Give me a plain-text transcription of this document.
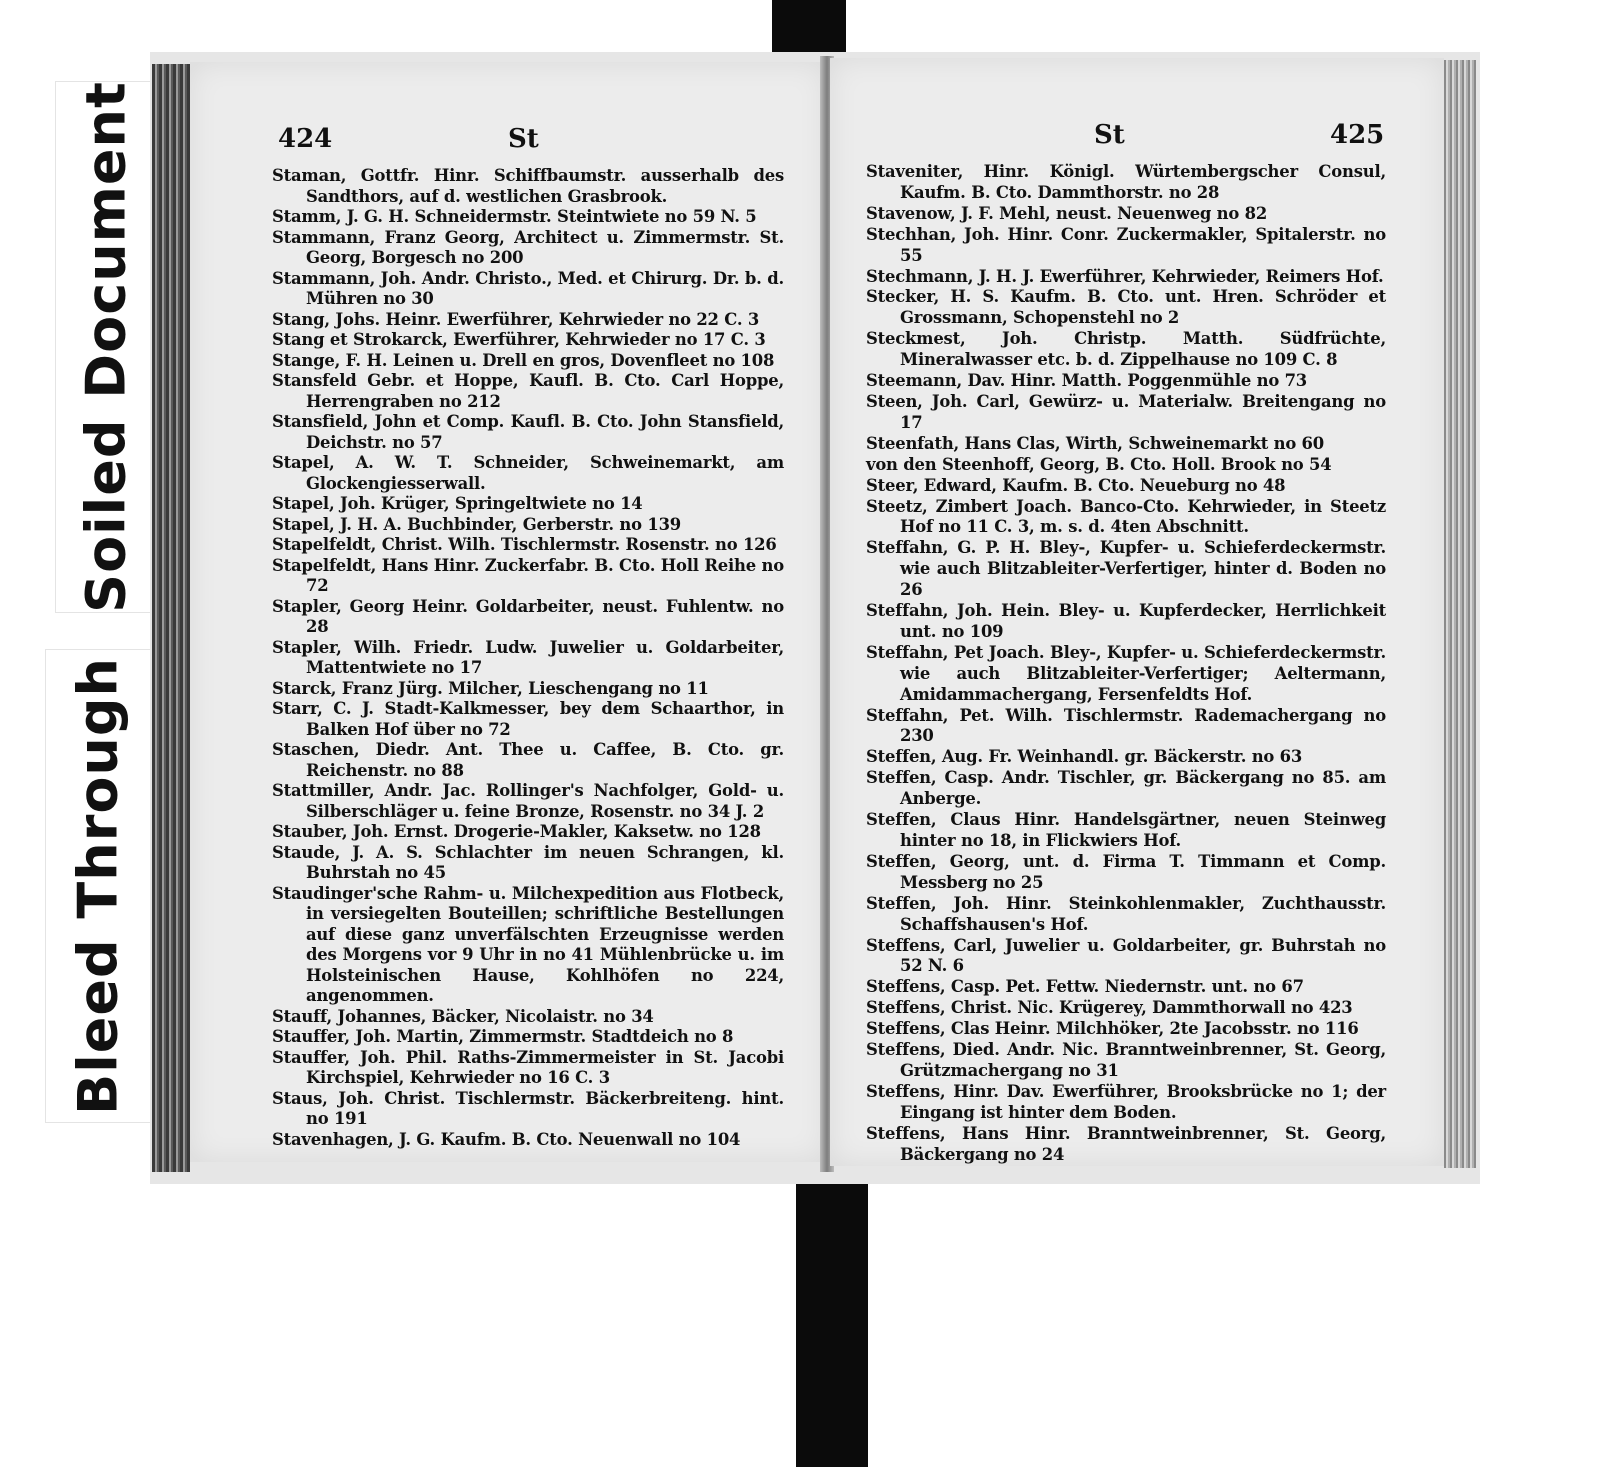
Soiled Document
Bleed Through
424	St
Staman, Gottfr. Hinr. Schiffbaumstr. ausserhalb des Sandthors, auf d. westlichen Grasbrook.
Stamm, J. G. H. Schneidermstr. Steintwiete no 59 N. 5
Stammann, Franz Georg, Architect u. Zimmermstr. St. Georg, Borgesch no 200
Stammann, Joh. Andr. Christo., Med. et Chirurg. Dr. b. d. Mühren no 30
Stang, Johs. Heinr. Ewerführer, Kehrwieder no 22 C. 3
Stang et Strokarck, Ewerführer, Kehrwieder no 17 C. 3
Stange, F. H. Leinen u. Drell en gros, Dovenfleet no 108
Stansfeld Gebr. et Hoppe, Kaufl. B. Cto. Carl Hoppe, Herrengraben no 212
Stansfield, John et Comp. Kaufl. B. Cto. John Stansfield, Deichstr. no 57
Stapel, A. W. T. Schneider, Schweinemarkt, am Glockengiesserwall.
Stapel, Joh. Krüger, Springeltwiete no 14
Stapel, J. H. A. Buchbinder, Gerberstr. no 139
Stapelfeldt, Christ. Wilh. Tischlermstr. Rosenstr. no 126
Stapelfeldt, Hans Hinr. Zuckerfabr. B. Cto. Holl Reihe no 72
Stapler, Georg Heinr. Goldarbeiter, neust. Fuhlentw. no 28
Stapler, Wilh. Friedr. Ludw. Juwelier u. Goldarbeiter, Mattentwiete no 17
Starck, Franz Jürg. Milcher, Lieschengang no 11
Starr, C. J. Stadt-Kalkmesser, bey dem Schaarthor, in Balken Hof über no 72
Staschen, Diedr. Ant. Thee u. Caffee, B. Cto. gr. Reichenstr. no 88
Stattmiller, Andr. Jac. Rollinger's Nachfolger, Gold- u. Silberschläger u. feine Bronze, Rosenstr. no 34 J. 2
Stauber, Joh. Ernst. Drogerie-Makler, Kaksetw. no 128
Staude, J. A. S. Schlachter im neuen Schrangen, kl. Buhrstah no 45
Staudinger'sche Rahm- u. Milchexpedition aus Flotbeck, in versiegelten Bouteillen; schriftliche Bestellungen auf diese ganz unverfälschten Erzeugnisse werden des Morgens vor 9 Uhr in no 41 Mühlenbrücke u. im Holsteinischen Hause, Kohlhöfen no 224, angenommen.
Stauff, Johannes, Bäcker, Nicolaistr. no 34
Stauffer, Joh. Martin, Zimmermstr. Stadtdeich no 8
Stauffer, Joh. Phil. Raths-Zimmermeister in St. Jacobi Kirchspiel, Kehrwieder no 16 C. 3
Staus, Joh. Christ. Tischlermstr. Bäckerbreiteng. hint. no 191
Stavenhagen, J. G. Kaufm. B. Cto. Neuenwall no 104
St	425
Staveniter, Hinr. Königl. Würtembergscher Consul, Kaufm. B. Cto. Dammthorstr. no 28
Stavenow, J. F. Mehl, neust. Neuenweg no 82
Stechhan, Joh. Hinr. Conr. Zuckermakler, Spitalerstr. no 55
Stechmann, J. H. J. Ewerführer, Kehrwieder, Reimers Hof.
Stecker, H. S. Kaufm. B. Cto. unt. Hren. Schröder et Grossmann, Schopenstehl no 2
Steckmest, Joh. Christp. Matth. Südfrüchte, Mineralwasser etc. b. d. Zippelhause no 109 C. 8
Steemann, Dav. Hinr. Matth. Poggenmühle no 73
Steen, Joh. Carl, Gewürz- u. Materialw. Breitengang no 17
Steenfath, Hans Clas, Wirth, Schweinemarkt no 60
von den Steenhoff, Georg, B. Cto. Holl. Brook no 54
Steer, Edward, Kaufm. B. Cto. Neueburg no 48
Steetz, Zimbert Joach. Banco-Cto. Kehrwieder, in Steetz Hof no 11 C. 3, m. s. d. 4ten Abschnitt.
Steffahn, G. P. H. Bley-, Kupfer- u. Schieferdeckermstr. wie auch Blitzableiter-Verfertiger, hinter d. Boden no 26
Steffahn, Joh. Hein. Bley- u. Kupferdecker, Herrlichkeit unt. no 109
Steffahn, Pet Joach. Bley-, Kupfer- u. Schieferdeckermstr. wie auch Blitzableiter-Verfertiger; Aeltermann, Amidammachergang, Fersenfeldts Hof.
Steffahn, Pet. Wilh. Tischlermstr. Rademachergang no 230
Steffen, Aug. Fr. Weinhandl. gr. Bäckerstr. no 63
Steffen, Casp. Andr. Tischler, gr. Bäckergang no 85. am Anberge.
Steffen, Claus Hinr. Handelsgärtner, neuen Steinweg hinter no 18, in Flickwiers Hof.
Steffen, Georg, unt. d. Firma T. Timmann et Comp. Messberg no 25
Steffen, Joh. Hinr. Steinkohlenmakler, Zuchthausstr. Schaffshausen's Hof.
Steffens, Carl, Juwelier u. Goldarbeiter, gr. Buhrstah no 52 N. 6
Steffens, Casp. Pet. Fettw. Niedernstr. unt. no 67
Steffens, Christ. Nic. Krügerey, Dammthorwall no 423
Steffens, Clas Heinr. Milchhöker, 2te Jacobsstr. no 116
Steffens, Died. Andr. Nic. Branntweinbrenner, St. Georg, Grützmachergang no 31
Steffens, Hinr. Dav. Ewerführer, Brooksbrücke no 1; der Eingang ist hinter dem Boden.
Steffens, Hans Hinr. Branntweinbrenner, St. Georg, Bäckergang no 24
